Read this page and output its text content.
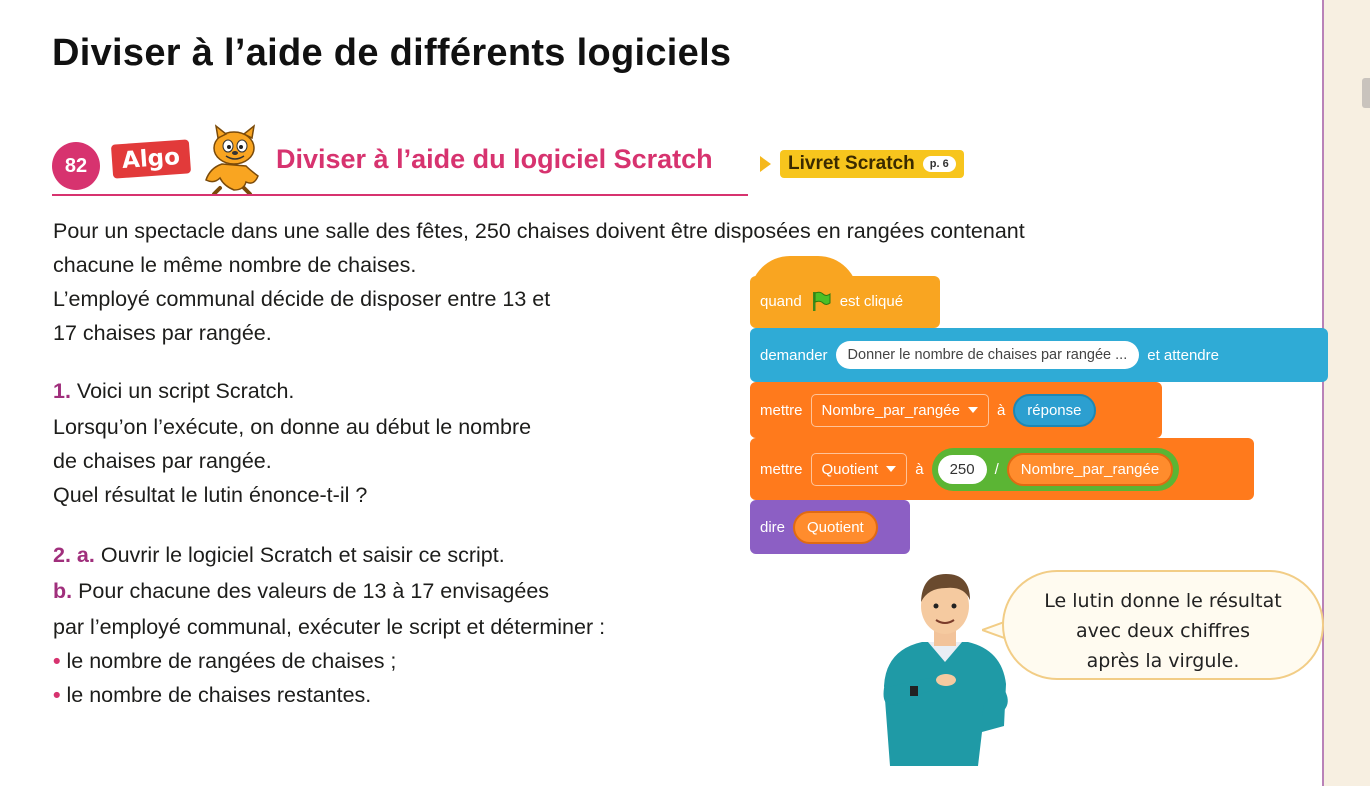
Diviser à l’aide de différents logiciels
82	Algo	Diviser à l’aide du logiciel Scratch	Livret Scratch	p. 6

Pour un spectacle dans une salle des fêtes, 250 chaises doivent être disposées en rangées contenant

chacune le même nombre de chaises.

L’employé communal décide de disposer entre 13 et

17 chaises par rangée.

1. Voici un script Scratch.

Lorsqu’on l’exécute, on donne au début le nombre

de chaises par rangée.

Quel résultat le lutin énonce-t-il ?

2. a. Ouvrir le logiciel Scratch et saisir ce script.

b. Pour chacune des valeurs de 13 à 17 envisagées

par l’employé communal, exécuter le script et déterminer :

• le nombre de rangées de chaises ;

• le nombre de chaises restantes.

mettre Quotient à	250	/	Nombre_par_rangée
mettre Nombre_par_rangée à	réponse
demander	Donner le nombre de chaises par rangée ...	et attendre
dire	Quotient
quand	est cliqué
Le lutin donne le résultat
avec deux chiffres
après la virgule.
